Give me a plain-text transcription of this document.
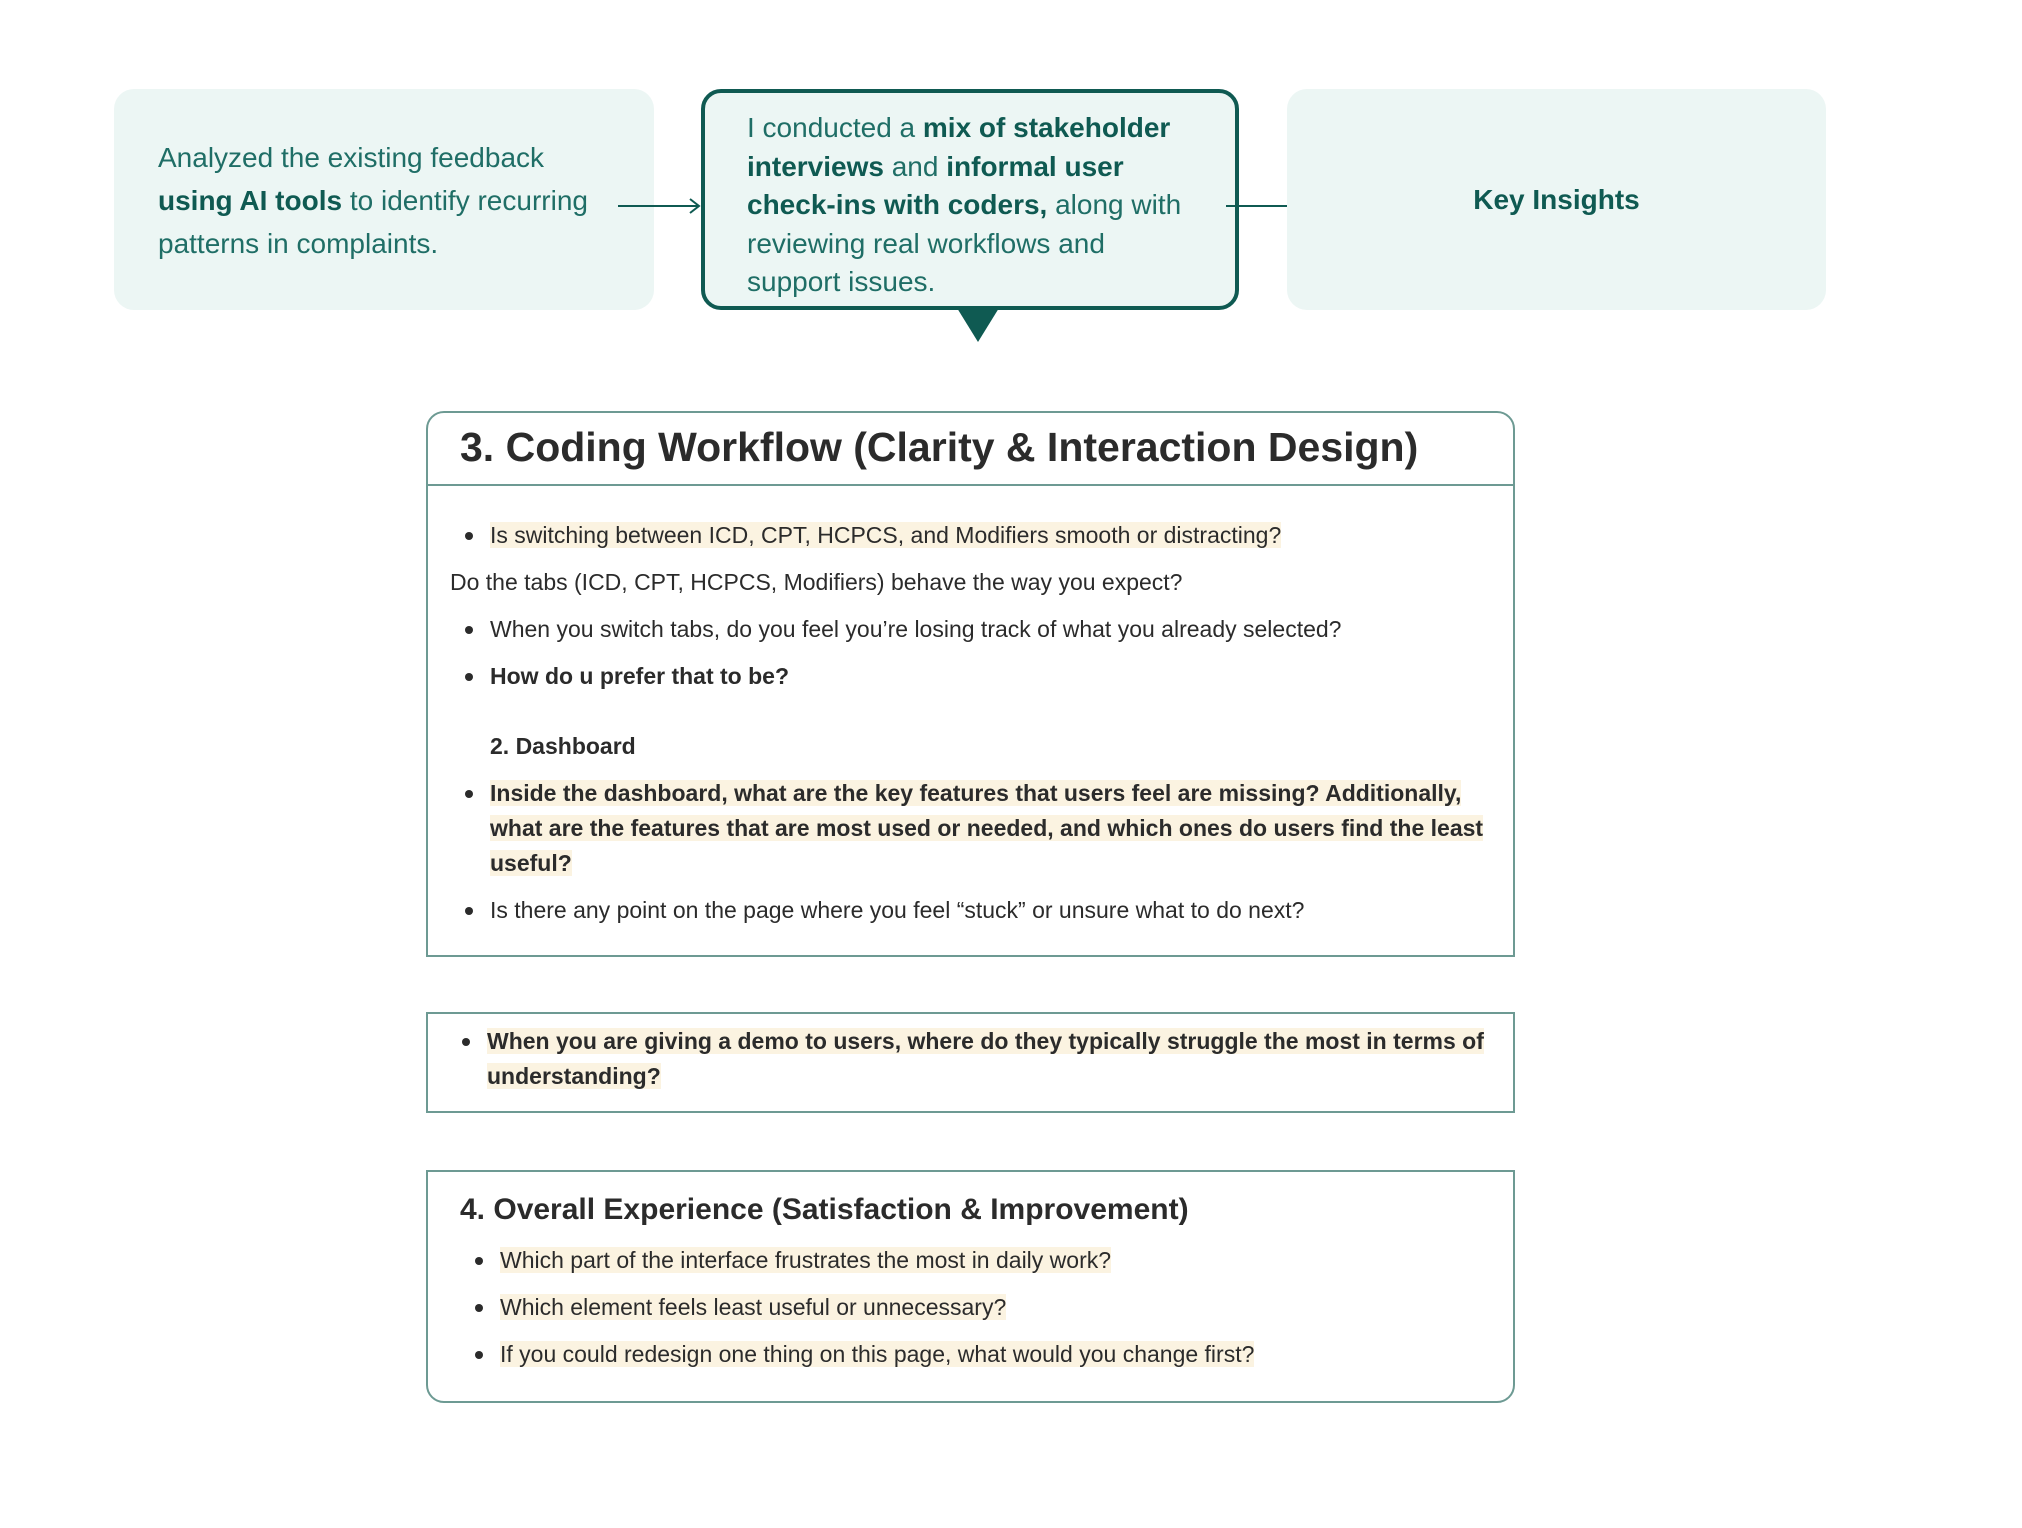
Analyzed the existing feedback using AI tools to identify recurring patterns in complaints.
I conducted a mix of stakeholder interviews and informal user check-ins with coders, along with reviewing real workflows and support issues.
Key Insights
3. Coding Workflow (Clarity & Interaction Design)
Is switching between ICD, CPT, HCPCS, and Modifiers smooth or distracting?
Do the tabs (ICD, CPT, HCPCS, Modifiers) behave the way you expect?
When you switch tabs, do you feel you’re losing track of what you already selected?
How do u prefer that to be?
2. Dashboard
Inside the dashboard, what are the key features that users feel are missing? Additionally, what are the features that are most used or needed, and which ones do users find the least useful?
Is there any point on the page where you feel “stuck” or unsure what to do next?
When you are giving a demo to users, where do they typically struggle the most in terms of understanding?
4. Overall Experience (Satisfaction & Improvement)
Which part of the interface frustrates the most in daily work?
Which element feels least useful or unnecessary?
If you could redesign one thing on this page, what would you change first?
